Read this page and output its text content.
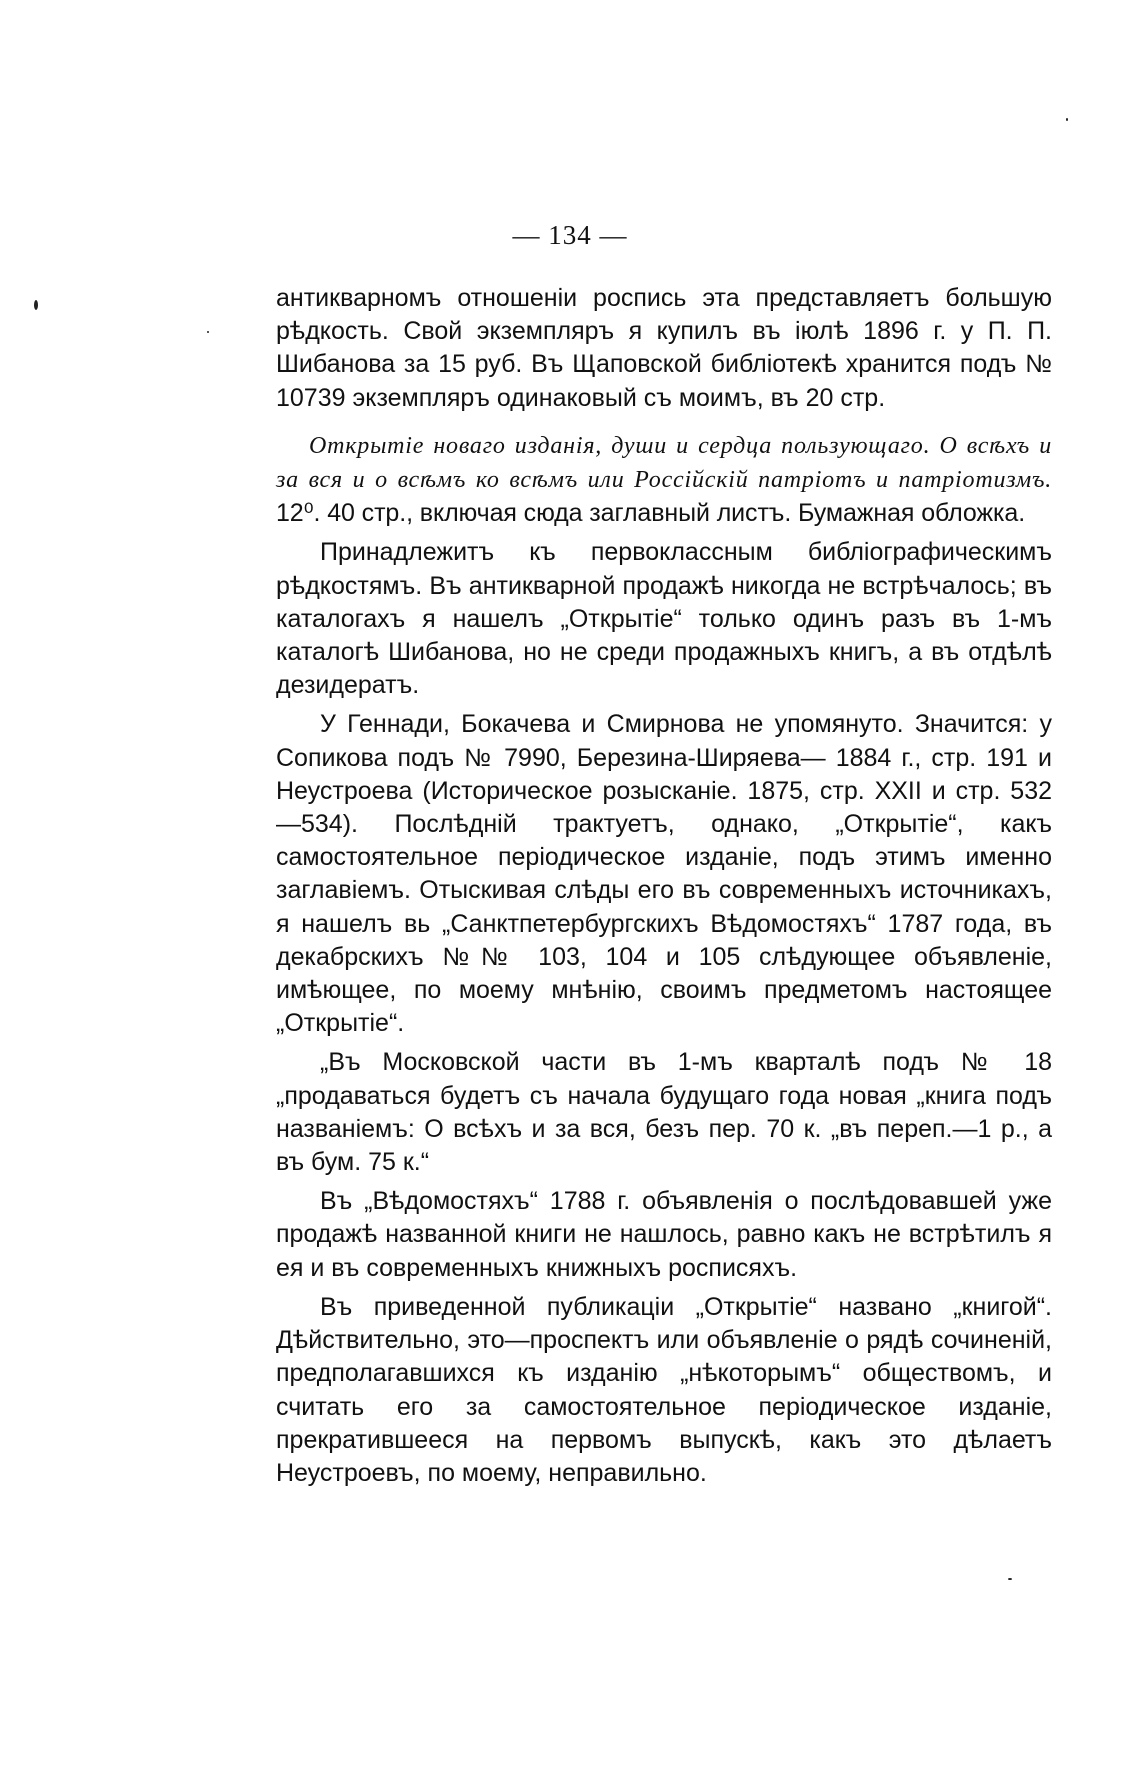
— 134 —

антикварномъ отношеніи роспись эта представляетъ большую рѣдкость. Свой экземпляръ я купилъ въ іюлѣ 1896 г. у П. П. Шибанова за 15 руб. Въ Щаповской библіотекѣ хранится подъ № 10739 экземпляръ одинаковый съ моимъ, въ 20 стр.

Открытіе новаго изданія, души и сердца пользующаго. О всѣхъ и за вся и о всѣмъ ко всѣмъ или Россійскій патріотъ и патріотизмъ. 12⁰. 40 стр., включая сюда заглавный листъ. Бумажная обложка.

Принадлежитъ къ первоклассным библіографическимъ рѣдкостямъ. Въ антикварной продажѣ никогда не встрѣчалось; въ каталогахъ я нашелъ „Открытіе“ только одинъ разъ въ 1-мъ каталогѣ Шибанова, но не среди продажныхъ книгъ, а въ отдѣлѣ дезидератъ.

У Геннади, Бокачева и Смирнова не упомянуто. Значится: у Сопикова подъ № 7990, Березина-Ширяева— 1884 г., стр. 191 и Неустроева (Историческое розысканіе. 1875, стр. XXII и стр. 532—534). Послѣдній трактуетъ, однако, „Открытіе“, какъ самостоятельное періодическое изданіе, подъ этимъ именно заглавіемъ. Отыскивая слѣды его въ современныхъ источникахъ, я нашелъ вь „Санктпетербургскихъ Вѣдомостяхъ“ 1787 года, въ декабрскихъ №№ 103, 104 и 105 слѣдующее объявленіе, имѣющее, по моему мнѣнію, своимъ предметомъ настоящее „Открытіе“.

„Въ Московской части въ 1-мъ кварталѣ подъ № 18 „продаваться будетъ съ начала будущаго года новая „книга подъ названіемъ: О всѣхъ и за вся, безъ пер. 70 к. „въ переп.—1 р., а въ бум. 75 к.“

Въ „Вѣдомостяхъ“ 1788 г. объявленія о послѣдовавшей уже продажѣ названной книги не нашлось, равно какъ не встрѣтилъ я ея и въ современныхъ книжныхъ росписяхъ.

Въ приведенной публикаціи „Открытіе“ названо „книгой“. Дѣйствительно, это—проспектъ или объявленіе о рядѣ сочиненій, предполагавшихся къ изданію „нѣкоторымъ“ обществомъ, и считать его за самостоятельное періодическое изданіе, прекратившееся на первомъ выпускѣ, какъ это дѣлаетъ Неустроевъ, по моему, неправильно.
